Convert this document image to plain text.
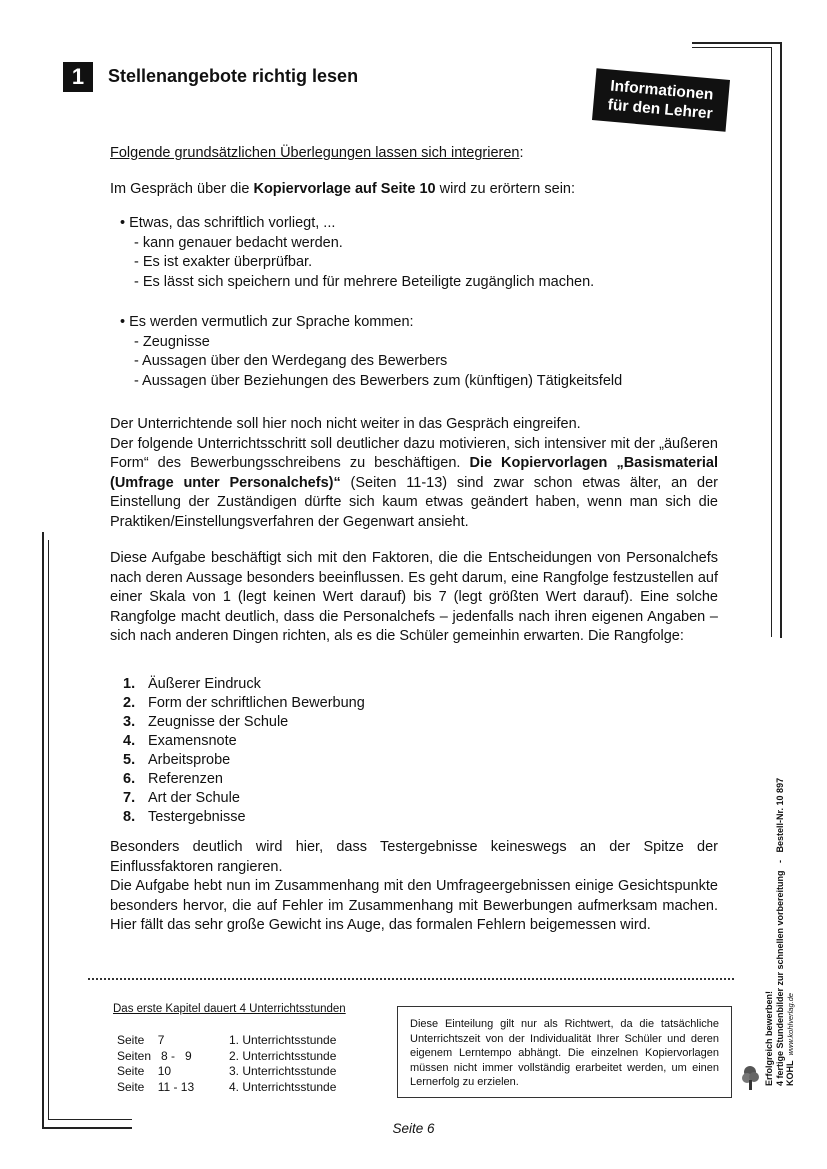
1	Stellenangebote richtig lesen
Informationen
für den Lehrer
Folgende grundsätzlichen Überlegungen lassen sich integrieren:
Im Gespräch über die Kopiervorlage auf Seite 10 wird zu erörtern sein:
• Etwas, das schriftlich vorliegt, ...
- kann genauer bedacht werden.
- Es ist exakter überprüfbar.
- Es lässt sich speichern und für mehrere Beteiligte zugänglich machen.
• Es werden vermutlich zur Sprache kommen:
- Zeugnisse
- Aussagen über den Werdegang des Bewerbers
- Aussagen über Beziehungen des Bewerbers zum (künftigen) Tätigkeitsfeld

Der Unterrichtende soll hier noch nicht weiter in das Gespräch eingreifen.

Der folgende Unterrichtsschritt soll deutlicher dazu motivieren, sich intensiver mit der „äußeren Form“ des Bewerbungsschreibens zu beschäftigen. Die Kopiervorlagen „Basismaterial (Umfrage unter Personalchefs)“ (Seiten 11-13) sind zwar schon etwas älter, an der Einstellung der Zuständigen dürfte sich kaum etwas geändert haben, wenn man sich die Praktiken/Einstellungsverfahren der Gegenwart ansieht.

Diese Aufgabe beschäftigt sich mit den Faktoren, die die Entscheidungen von Personalchefs nach deren Aussage besonders beeinflussen. Es geht darum, eine Rangfolge festzustellen auf einer Skala von 1 (legt keinen Wert darauf) bis 7 (legt größten Wert darauf). Eine solche Rangfolge macht deutlich, dass die Personalchefs – jedenfalls nach ihren eigenen Angaben – sich nach anderen Dingen richten, als es die Schüler gemeinhin erwarten. Die Rangfolge:
1. Äußerer Eindruck
2. Form der schriftlichen Bewerbung
3. Zeugnisse der Schule
4. Examensnote
5. Arbeitsprobe
6. Referenzen
7. Art der Schule
8. Testergebnisse

Besonders deutlich wird hier, dass Testergebnisse keineswegs an der Spitze der Einflussfaktoren rangieren.

Die Aufgabe hebt nun im Zusammenhang mit den Umfrageergebnissen einige Gesichtspunkte besonders hervor, die auf Fehler im Zusammenhang mit Bewerbungen aufmerksam machen. Hier fällt das sehr große Gewicht ins Auge, das formalen Fehlern beigemessen wird.

Das erste Kapitel dauert 4 Unterrichtsstunden
Seite    7	1. Unterrichtsstunde
Seiten   8 -   9	2. Unterrichtsstunde
Seite    10	3. Unterrichtsstunde
Seite    11 - 13	4. Unterrichtsstunde
Diese Einteilung gilt nur als Richtwert, da die tatsächliche Unterrichtszeit von der Individualität Ihrer Schüler und deren eigenem Lerntempo abhängt. Die einzelnen Kopiervorlagen müssen nicht immer vollständig erarbeitet werden, um einen Lernerfolg zu erzielen.
Seite 6
Erfolgreich bewerben! 4 fertige Stundenbilder zur schnellen vorbereitung   -   Bestell-Nr. 10 897 KOHL  www.kohlverlag.de
